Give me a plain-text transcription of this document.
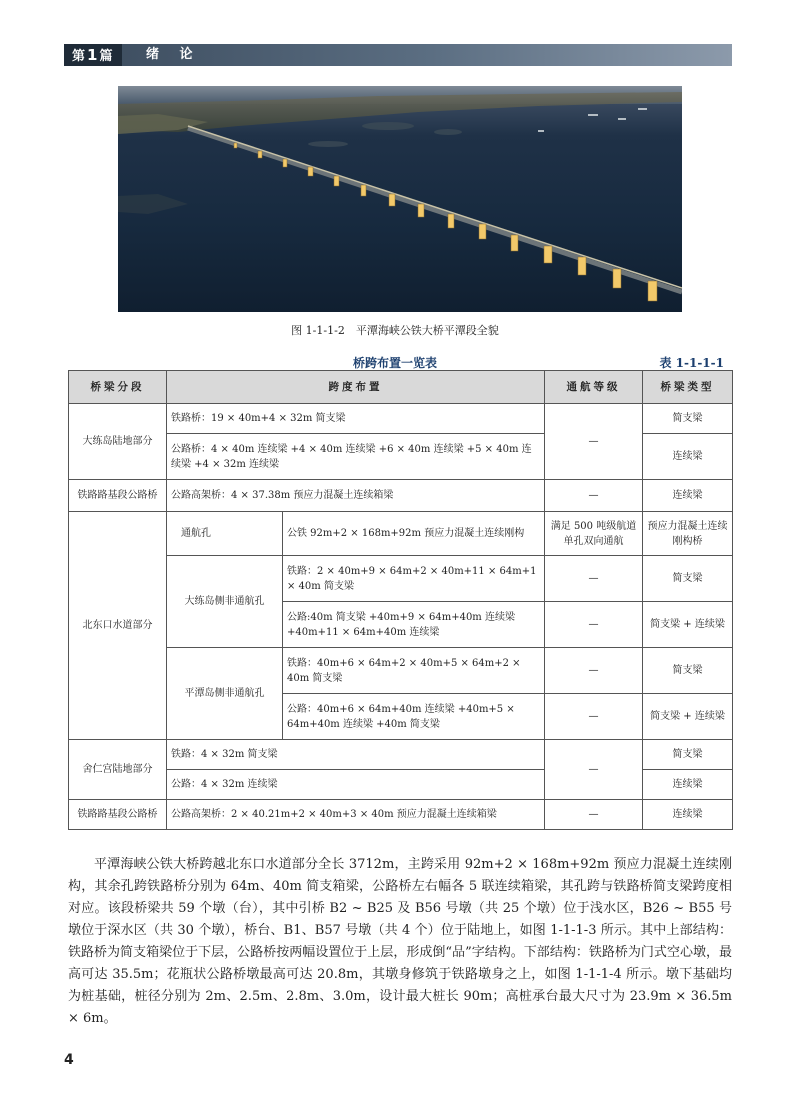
第 1 篇	绪 论
图 1-1-1-2　平潭海峡公铁大桥平潭段全貌
桥跨布置一览表	表 1-1-1-1
桥梁分段	跨度布置		通航等级	桥梁类型
大练岛陆地部分	铁路桥：19 × 40m+4 × 32m 简支梁		—	简支梁
	公路桥：4 × 40m 连续梁 +4 × 40m 连续梁 +6 × 40m 连续梁 +5 × 40m 连续梁 +4 × 32m 连续梁			连续梁
铁路路基段公路桥	公路高架桥：4 × 37.38m 预应力混凝土连续箱梁		—	连续梁
北东口水道部分	通航孔	公铁 92m+2 × 168m+92m 预应力混凝土连续刚构	满足 500 吨级航道单孔双向通航	预应力混凝土连续刚构桥
	大练岛侧非通航孔	铁路：2 × 40m+9 × 64m+2 × 40m+11 × 64m+1 × 40m 简支梁	—	简支梁
		公路:40m 简支梁 +40m+9 × 64m+40m 连续梁 +40m+11 × 64m+40m 连续梁	—	简支梁 + 连续梁
	平潭岛侧非通航孔	铁路：40m+6 × 64m+2 × 40m+5 × 64m+2 × 40m 简支梁	—	简支梁
		公路：40m+6 × 64m+40m 连续梁 +40m+5 × 64m+40m 连续梁 +40m 简支梁	—	简支梁 + 连续梁
舍仁宫陆地部分	铁路：4 × 32m 简支梁		—	简支梁
	公路：4 × 32m 连续梁			连续梁
铁路路基段公路桥	公路高架桥：2 × 40.21m+2 × 40m+3 × 40m 预应力混凝土连续箱梁		—	连续梁

平潭海峡公铁大桥跨越北东口水道部分全长 3712m，主跨采用 92m+2 × 168m+92m 预应力混凝土连续刚构，其余孔跨铁路桥分别为 64m、40m 简支箱梁，公路桥左右幅各 5 联连续箱梁，其孔跨与铁路桥简支梁跨度相对应。该段桥梁共 59 个墩（台），其中引桥 B2 ~ B25 及 B56 号墩（共 25 个墩）位于浅水区，B26 ~ B55 号墩位于深水区（共 30 个墩），桥台、B1、B57 号墩（共 4 个）位于陆地上，如图 1-1-1-3 所示。其中上部结构：铁路桥为简支箱梁位于下层，公路桥按两幅设置位于上层，形成倒“品”字结构。下部结构：铁路桥为门式空心墩，最高可达 35.5m；花瓶状公路桥墩最高可达 20.8m，其墩身修筑于铁路墩身之上，如图 1-1-1-4 所示。墩下基础均为桩基础，桩径分别为 2m、2.5m、2.8m、3.0m，设计最大桩长 90m；高桩承台最大尺寸为 23.9m × 36.5m × 6m。

4
